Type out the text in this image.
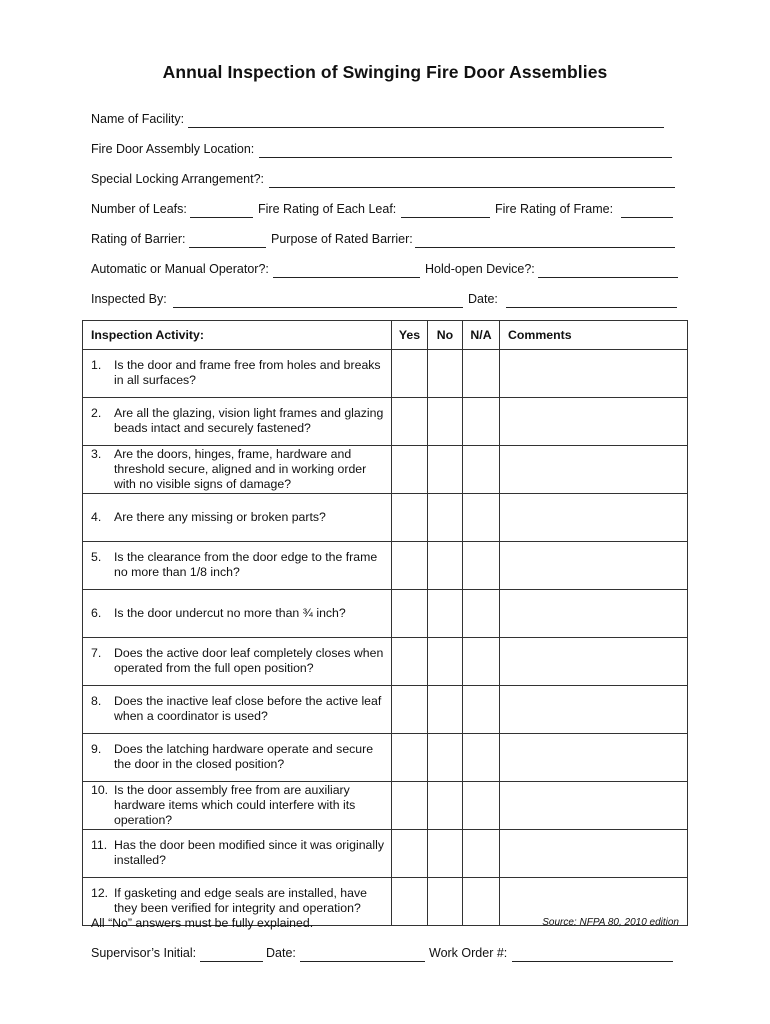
Annual Inspection of Swinging Fire Door Assemblies
Name of Facility:
Fire Door Assembly Location:
Special Locking Arrangement?:
Number of Leafs:	Fire Rating of Each Leaf:	Fire Rating of Frame:
Rating of Barrier:	Purpose of Rated Barrier:
Automatic or Manual Operator?:	Hold-open Device?:
Inspected By:	Date:
Inspection Activity:	Yes	No	N/A	Comments

1. Is the door and frame free from holes and breaks in all surfaces?				

2. Are all the glazing, vision light frames and glazing beads intact and securely fastened?				

3. Are the doors, hinges, frame, hardware and threshold secure, aligned and in working order with no visible signs of damage?				

4. Are there any missing or broken parts?				

5. Is the clearance from the door edge to the frame no more than 1/8 inch?				

6. Is the door undercut no more than ¾ inch?				

7. Does the active door leaf completely closes when operated from the full open position?				

8. Does the inactive leaf close before the active leaf when a coordinator is used?				

9. Does the latching hardware operate and secure the door in the closed position?				

10. Is the door assembly free from are auxiliary hardware items which could interfere with its operation?				

11. Has the door been modified since it was originally installed?				

12. If gasketing and edge seals are installed, have they been verified for integrity and operation?				

All “No” answers must be fully explained.	Source: NFPA 80, 2010 edition
Supervisor’s Initial:	Date:	Work Order #:
